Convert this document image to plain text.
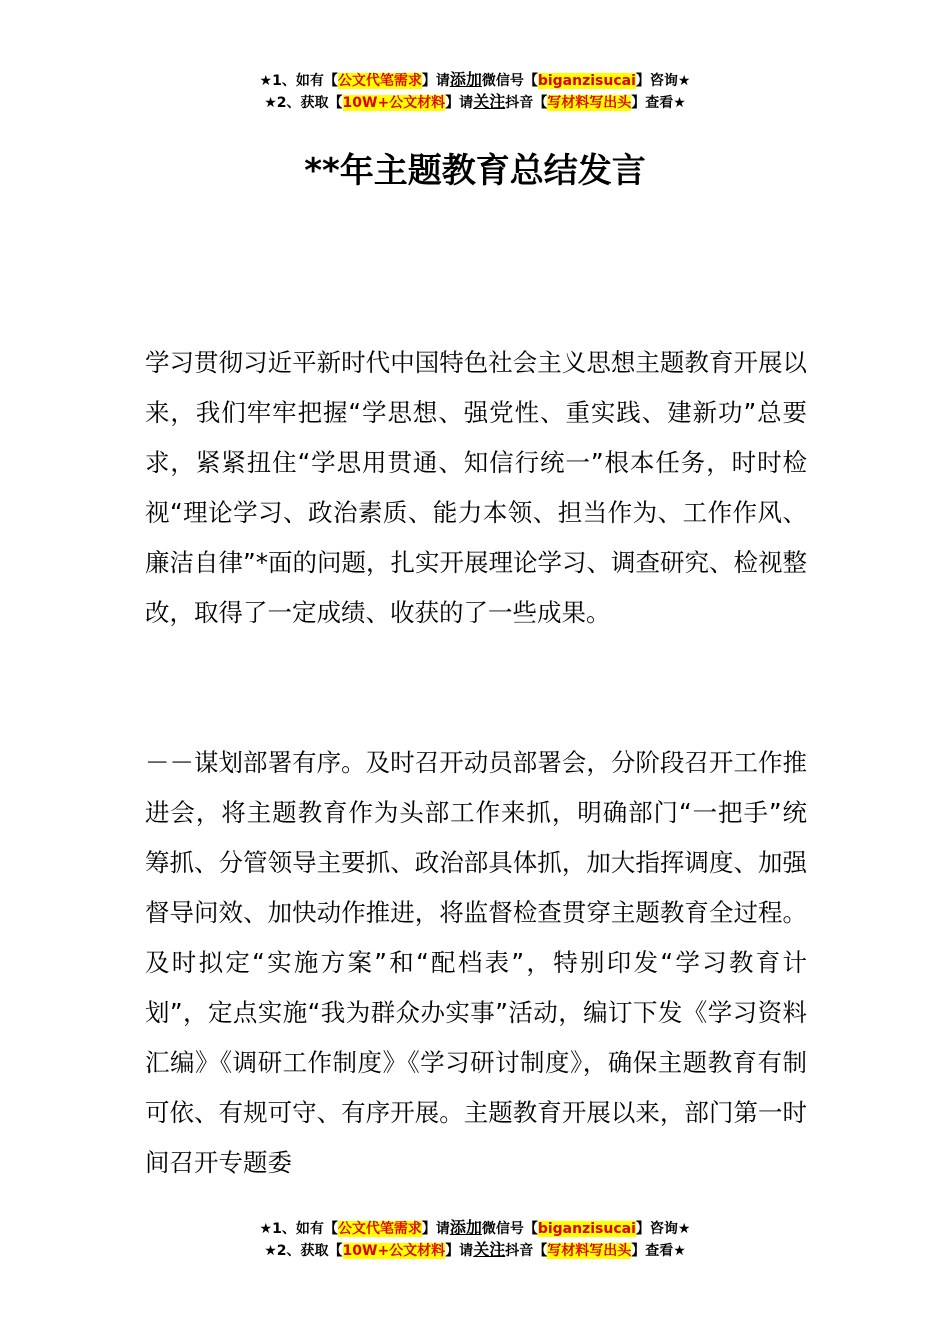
★1、如有【公文代笔需求】请添加微信号【biganzisucai】咨询★
★2、获取【10W+公文材料】请关注抖音【写材料写出头】查看★
**年主题教育总结发言
学习贯彻习近平新时代中国特色社会主义思想主题教育开展以来，我们牢牢把握“学思想、强党性、重实践、建新功”总要求，紧紧扭住“学思用贯通、知信行统一”根本任务，时时检视“理论学习、政治素质、能力本领、担当作为、工作作风、廉洁自律”*面的问题，扎实开展理论学习、调查研究、检视整改，取得了一定成绩、收获的了一些成果。
－－谋划部署有序。及时召开动员部署会，分阶段召开工作推进会，将主题教育作为头部工作来抓，明确部门“一把手”统筹抓、分管领导主要抓、政治部具体抓，加大指挥调度、加强督导问效、加快动作推进，将监督检查贯穿主题教育全过程。及时拟定“实施方案”和“配档表”，特别印发“学习教育计划”，定点实施“我为群众办实事”活动，编订下发《学习资料汇编》《调研工作制度》《学习研讨制度》，确保主题教育有制可依、有规可守、有序开展。主题教育开展以来，部门第一时间召开专题委
★1、如有【公文代笔需求】请添加微信号【biganzisucai】咨询★
★2、获取【10W+公文材料】请关注抖音【写材料写出头】查看★
